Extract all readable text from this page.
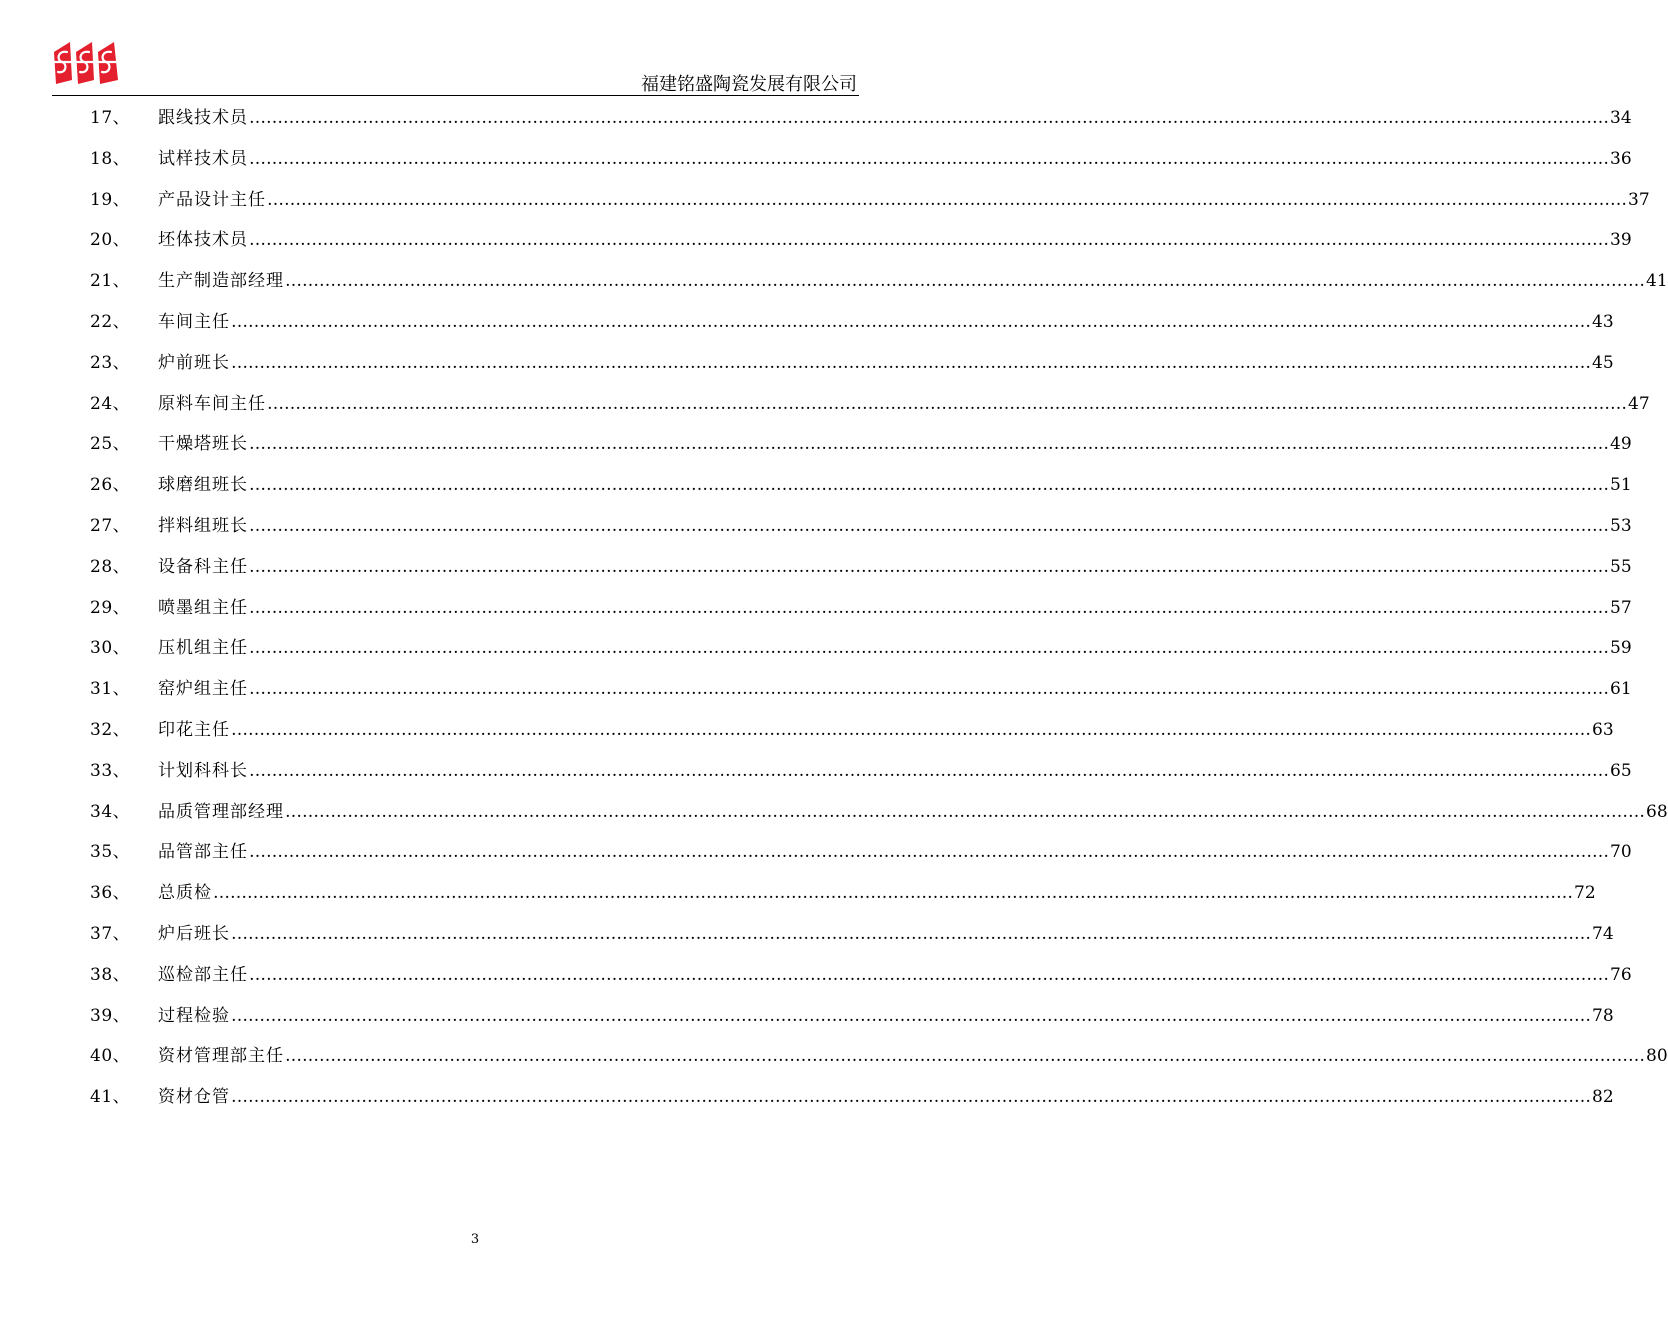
福建铭盛陶瓷发展有限公司
17、	跟线技术员 …………………………………………………………………………………………………………………………………………………………………………………………………………………… 34
18、	试样技术员 …………………………………………………………………………………………………………………………………………………………………………………………………………………… 36
19、	产品设计主任 …………………………………………………………………………………………………………………………………………………………………………………………………………………… 37
20、	坯体技术员 …………………………………………………………………………………………………………………………………………………………………………………………………………………… 39
21、	生产制造部经理 …………………………………………………………………………………………………………………………………………………………………………………………………………………… 41
22、	车间主任 …………………………………………………………………………………………………………………………………………………………………………………………………………………… 43
23、	炉前班长 …………………………………………………………………………………………………………………………………………………………………………………………………………………… 45
24、	原料车间主任 …………………………………………………………………………………………………………………………………………………………………………………………………………………… 47
25、	干燥塔班长 …………………………………………………………………………………………………………………………………………………………………………………………………………………… 49
26、	球磨组班长 …………………………………………………………………………………………………………………………………………………………………………………………………………………… 51
27、	拌料组班长 …………………………………………………………………………………………………………………………………………………………………………………………………………………… 53
28、	设备科主任 …………………………………………………………………………………………………………………………………………………………………………………………………………………… 55
29、	喷墨组主任 …………………………………………………………………………………………………………………………………………………………………………………………………………………… 57
30、	压机组主任 …………………………………………………………………………………………………………………………………………………………………………………………………………………… 59
31、	窑炉组主任 …………………………………………………………………………………………………………………………………………………………………………………………………………………… 61
32、	印花主任 …………………………………………………………………………………………………………………………………………………………………………………………………………………… 63
33、	计划科科长 …………………………………………………………………………………………………………………………………………………………………………………………………………………… 65
34、	品质管理部经理 …………………………………………………………………………………………………………………………………………………………………………………………………………………… 68
35、	品管部主任 …………………………………………………………………………………………………………………………………………………………………………………………………………………… 70
36、	总质检 …………………………………………………………………………………………………………………………………………………………………………………………………………………… 72
37、	炉后班长 …………………………………………………………………………………………………………………………………………………………………………………………………………………… 74
38、	巡检部主任 …………………………………………………………………………………………………………………………………………………………………………………………………………………… 76
39、	过程检验 …………………………………………………………………………………………………………………………………………………………………………………………………………………… 78
40、	资材管理部主任 …………………………………………………………………………………………………………………………………………………………………………………………………………………… 80
41、	资材仓管 …………………………………………………………………………………………………………………………………………………………………………………………………………………… 82
3
